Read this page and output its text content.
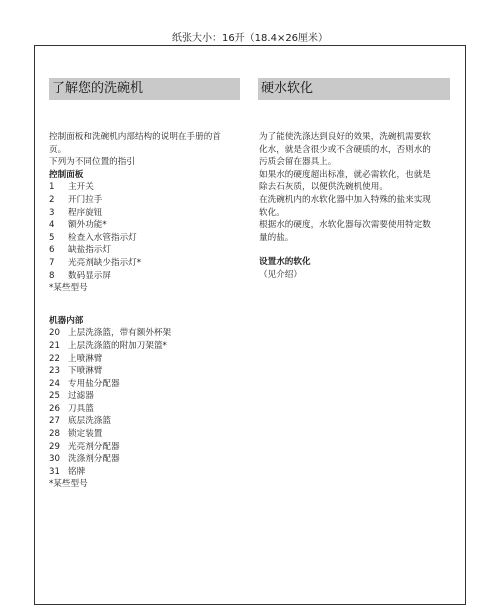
纸张大小：16开（18.4×26厘米）
了解您的洗碗机	硬水软化

控制面板和洗碗机内部结构的说明在手册的首

页。

下列为不同位置的指引

控制面板

1	主开关
2	开门拉手
3	程序旋钮
4	额外功能*
5	检查入水管指示灯
6	缺盐指示灯
7	光亮剂缺少指示灯*
8	数码显示屏

*某些型号

机器内部

20 上层洗涤篮，带有额外杯架
21 上层洗涤篮的附加刀架篮*
22 上喷淋臂
23 下喷淋臂
24 专用盐分配器
25 过滤器
26 刀具篮
27 底层洗涤篮
28 锁定装置
29 光亮剂分配器
30 洗涤剂分配器
31 铭牌

*某些型号

为了能使洗涤达到良好的效果，洗碗机需要软

化水，就是含很少或不含硬质的水，否则水的

污质会留在器具上。

如果水的硬度超出标准，就必需软化，也就是

除去石灰质，以便供洗碗机使用。

在洗碗机内的水软化器中加入特殊的盐来实现

软化。

根据水的硬度，水软化器每次需要使用特定数

量的盐。

设置水的软化

（见介绍）
